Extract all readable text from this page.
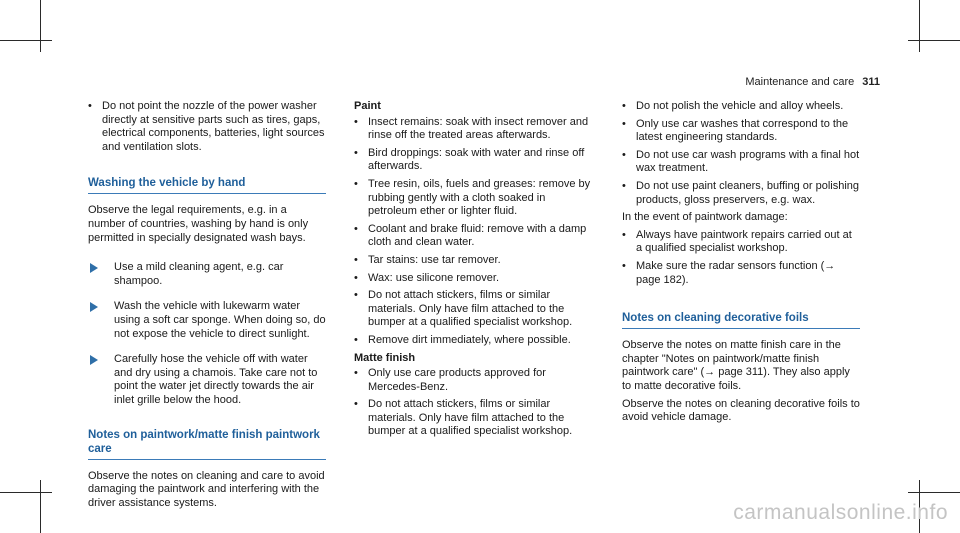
Maintenance and care 311
• Do not point the nozzle of the power washer directly at sensitive parts such as tires, gaps, electrical components, batteries, light sources and ventilation slots.
Washing the vehicle by hand
Observe the legal requirements, e.g. in a number of countries, washing by hand is only permitted in specially designated wash bays.
Use a mild cleaning agent, e.g. car shampoo.
Wash the vehicle with lukewarm water using a soft car sponge. When doing so, do not expose the vehicle to direct sunlight.
Carefully hose the vehicle off with water and dry using a chamois. Take care not to point the water jet directly towards the air inlet grille below the hood.
Notes on paintwork/matte finish paintwork care
Observe the notes on cleaning and care to avoid damaging the paintwork and interfering with the driver assistance systems.
Paint
• Insect remains: soak with insect remover and rinse off the treated areas afterwards.
• Bird droppings: soak with water and rinse off afterwards.
• Tree resin, oils, fuels and greases: remove by rubbing gently with a cloth soaked in petroleum ether or lighter fluid.
• Coolant and brake fluid: remove with a damp cloth and clean water.
• Tar stains: use tar remover.
• Wax: use silicone remover.
• Do not attach stickers, films or similar materials. Only have film attached to the bumper at a qualified specialist workshop.
• Remove dirt immediately, where possible.
Matte finish
• Only use care products approved for Mercedes-Benz.
• Do not attach stickers, films or similar materials. Only have film attached to the bumper at a qualified specialist workshop.
• Do not polish the vehicle and alloy wheels.
• Only use car washes that correspond to the latest engineering standards.
• Do not use car wash programs with a final hot wax treatment.
• Do not use paint cleaners, buffing or polishing products, gloss preservers, e.g. wax.
In the event of paintwork damage:
• Always have paintwork repairs carried out at a qualified specialist workshop.
• Make sure the radar sensors function (→ page 182).
Notes on cleaning decorative foils
Observe the notes on matte finish care in the chapter "Notes on paintwork/matte finish paintwork care" (→ page 311). They also apply to matte decorative foils.
Observe the notes on cleaning decorative foils to avoid vehicle damage.
carmanualsonline.info
